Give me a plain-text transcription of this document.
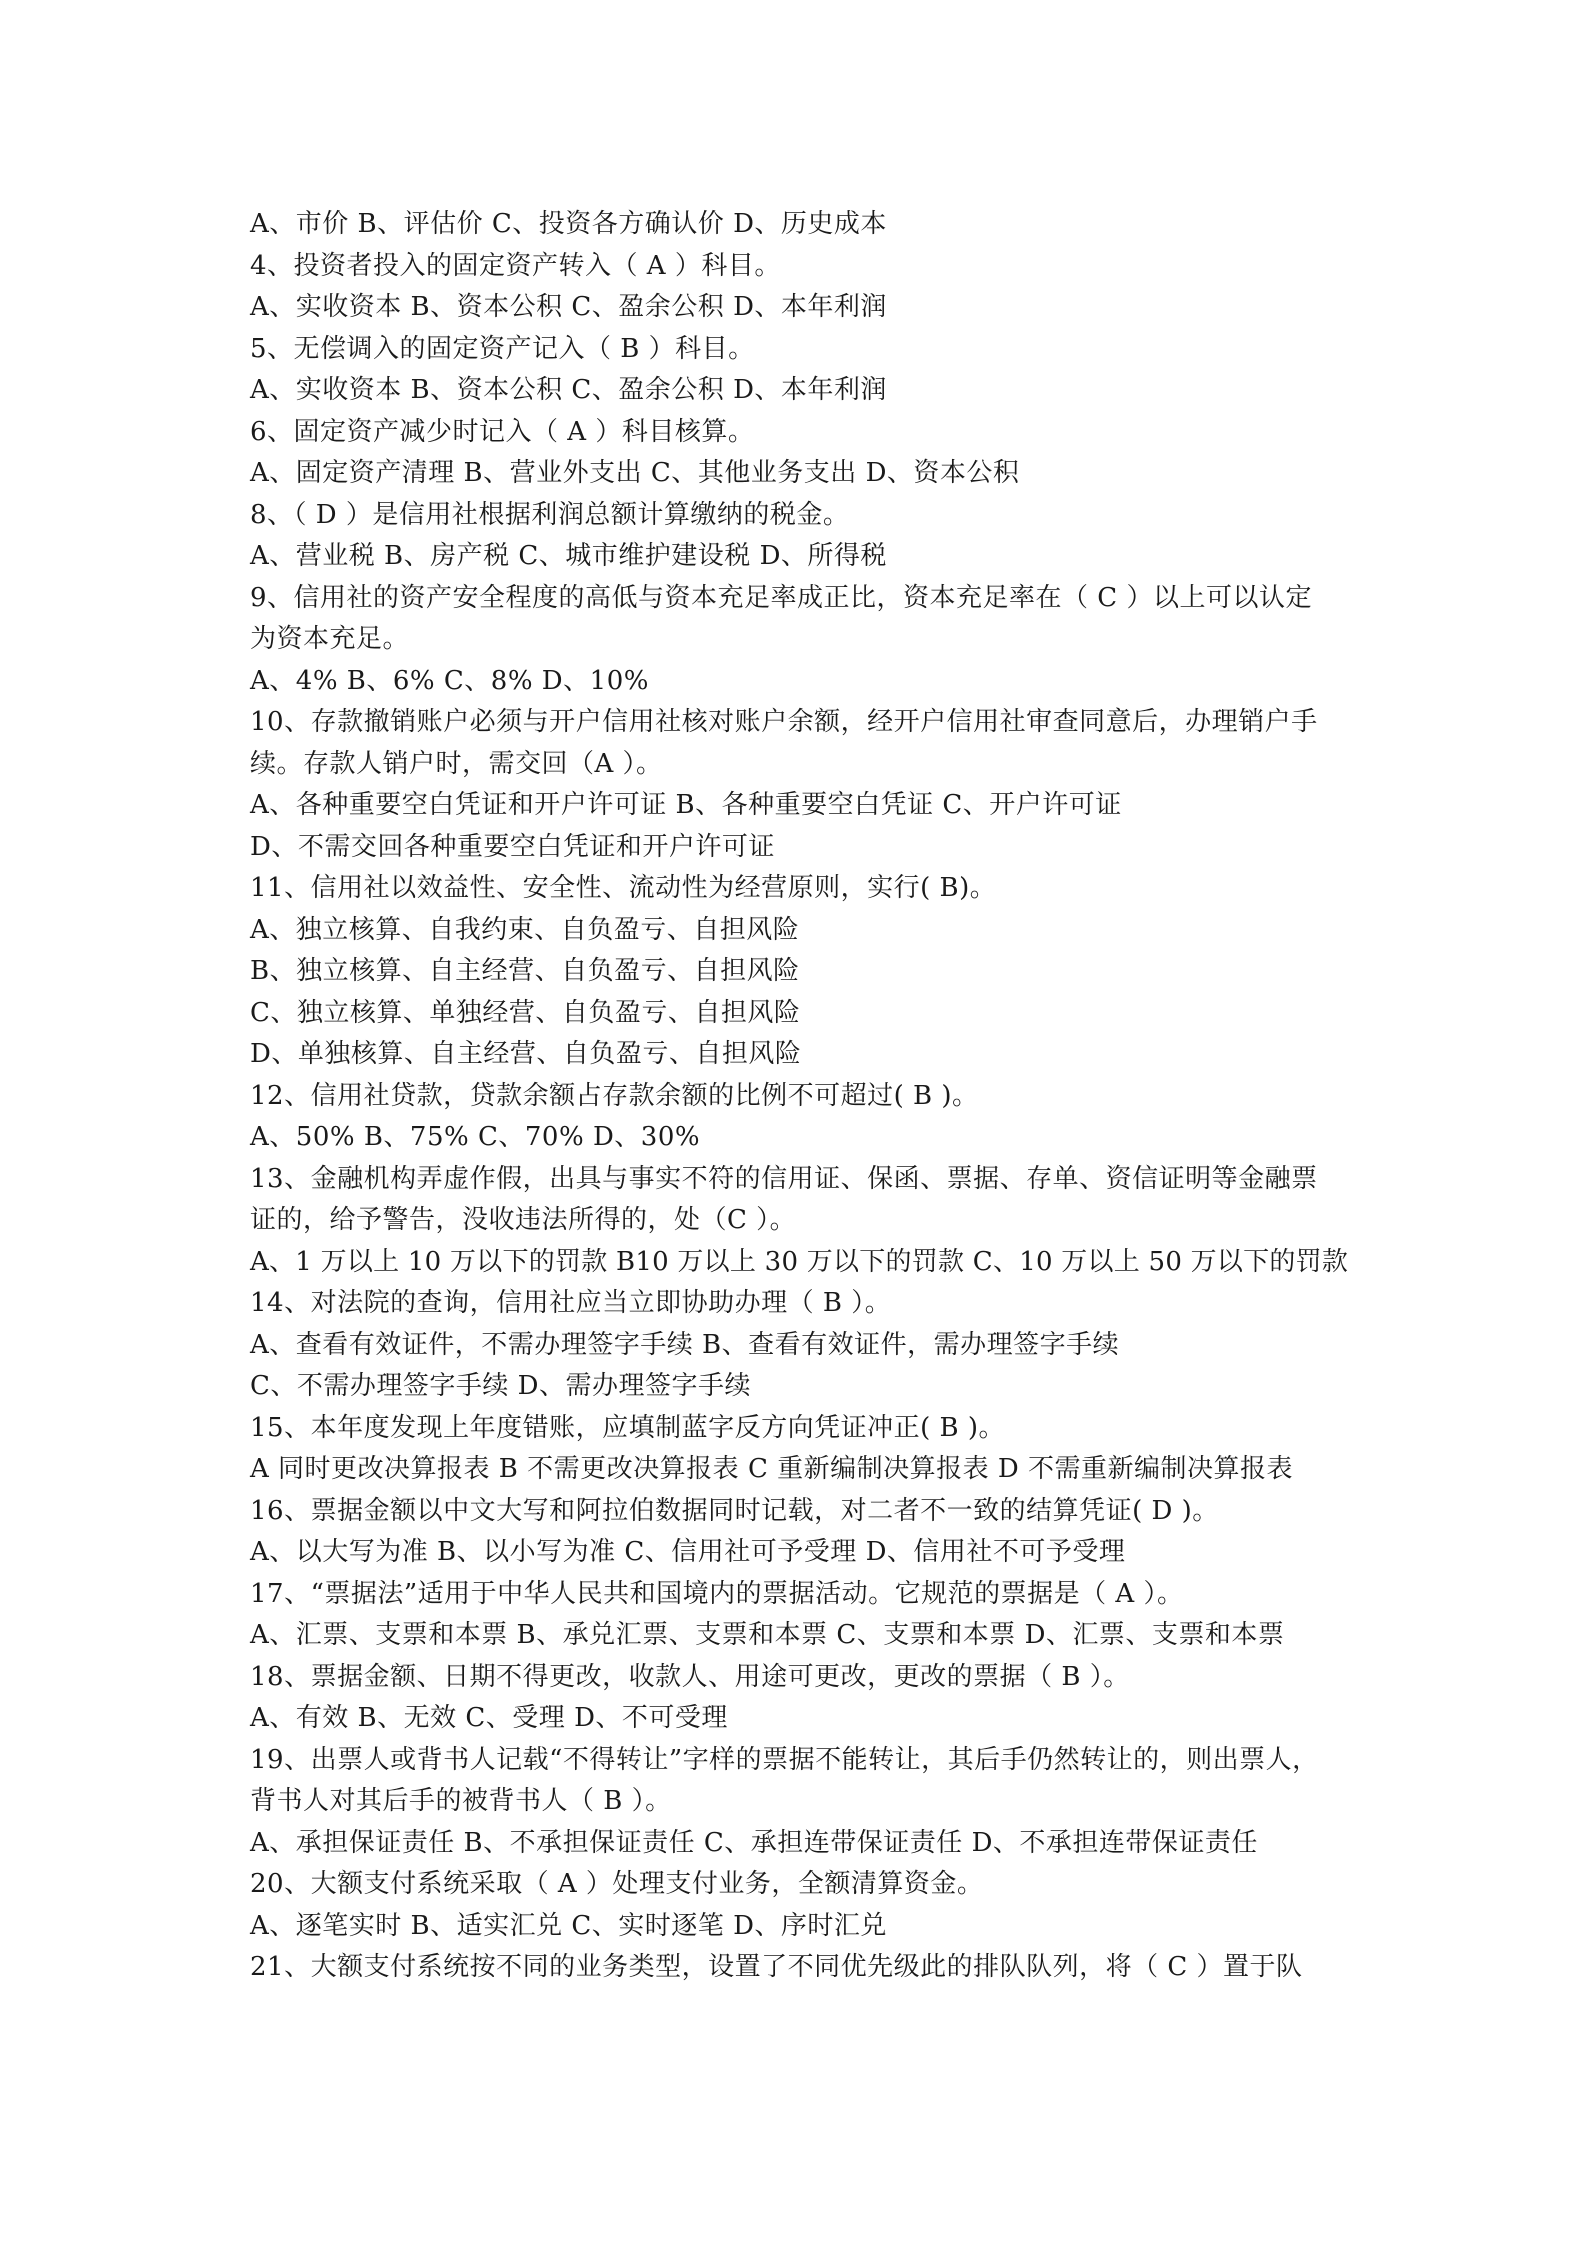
A、市价 B、评估价 C、投资各方确认价 D、历史成本
4、投资者投入的固定资产转入（ A ）科目。
A、实收资本 B、资本公积 C、盈余公积 D、本年利润
5、无偿调入的固定资产记入（ B ）科目。
A、实收资本 B、资本公积 C、盈余公积 D、本年利润
6、固定资产减少时记入（ A ）科目核算。
A、固定资产清理 B、营业外支出 C、其他业务支出 D、资本公积
8、（ D ）是信用社根据利润总额计算缴纳的税金。
A、营业税 B、房产税 C、城市维护建设税 D、所得税
9、信用社的资产安全程度的高低与资本充足率成正比，资本充足率在（ C ）以上可以认定
为资本充足。
A、4% B、6% C、8% D、10%
10、存款撤销账户必须与开户信用社核对账户余额，经开户信用社审查同意后，办理销户手
续。存款人销户时，需交回（A ）。
A、各种重要空白凭证和开户许可证 B、各种重要空白凭证 C、开户许可证
D、不需交回各种重要空白凭证和开户许可证
11、信用社以效益性、安全性、流动性为经营原则，实行( B)。
A、独立核算、自我约束、自负盈亏、自担风险
B、独立核算、自主经营、自负盈亏、自担风险
C、独立核算、单独经营、自负盈亏、自担风险
D、单独核算、自主经营、自负盈亏、自担风险
12、信用社贷款，贷款余额占存款余额的比例不可超过( B )。
A、50% B、75% C、70% D、30%
13、金融机构弄虚作假，出具与事实不符的信用证、保函、票据、存单、资信证明等金融票
证的，给予警告，没收违法所得的，处（C ）。
A、1 万以上 10 万以下的罚款 B10 万以上 30 万以下的罚款 C、10 万以上 50 万以下的罚款
14、对法院的查询，信用社应当立即协助办理（ B ）。
A、查看有效证件，不需办理签字手续 B、查看有效证件，需办理签字手续
C、不需办理签字手续 D、需办理签字手续
15、本年度发现上年度错账，应填制蓝字反方向凭证冲正( B )。
A 同时更改决算报表 B 不需更改决算报表 C 重新编制决算报表 D 不需重新编制决算报表
16、票据金额以中文大写和阿拉伯数据同时记载，对二者不一致的结算凭证( D )。
A、以大写为准 B、以小写为准 C、信用社可予受理 D、信用社不可予受理
17、“票据法”适用于中华人民共和国境内的票据活动。它规范的票据是（ A ）。
A、汇票、支票和本票 B、承兑汇票、支票和本票 C、支票和本票 D、汇票、支票和本票
18、票据金额、日期不得更改，收款人、用途可更改，更改的票据（ B ）。
A、有效 B、无效 C、受理 D、不可受理
19、出票人或背书人记载“不得转让”字样的票据不能转让，其后手仍然转让的，则出票人，
背书人对其后手的被背书人（ B ）。
A、承担保证责任 B、不承担保证责任 C、承担连带保证责任 D、不承担连带保证责任
20、大额支付系统采取（ A ）处理支付业务，全额清算资金。
A、逐笔实时 B、适实汇兑 C、实时逐笔 D、序时汇兑
21、大额支付系统按不同的业务类型，设置了不同优先级此的排队队列，将（ C ）置于队
